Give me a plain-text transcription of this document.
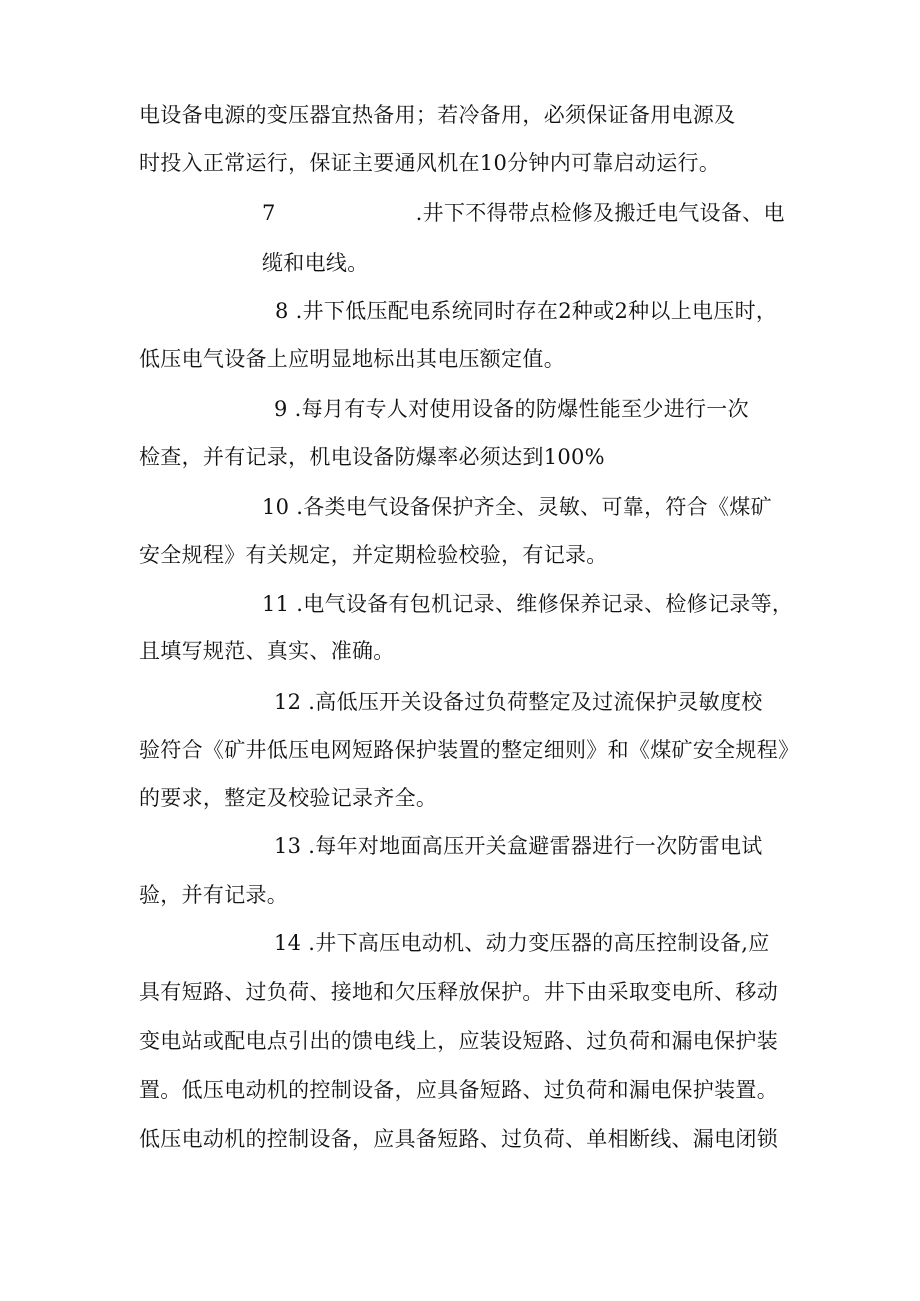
电设备电源的变压器宜热备用；若冷备用，必须保证备用电源及
时投入正常运行，保证主要通风机在10分钟内可靠启动运行。
7	.井下不得带点检修及搬迁电气设备、电
缆和电线。
8 .井下低压配电系统同时存在2种或2种以上电压时，
低压电气设备上应明显地标出其电压额定值。
9 .每月有专人对使用设备的防爆性能至少进行一次
检查，并有记录，机电设备防爆率必须达到100%
10 .各类电气设备保护齐全、灵敏、可靠，符合《煤矿
安全规程》有关规定，并定期检验校验，有记录。
11 .电气设备有包机记录、维修保养记录、检修记录等，
且填写规范、真实、准确。
12 .高低压开关设备过负荷整定及过流保护灵敏度校
验符合《矿井低压电网短路保护装置的整定细则》和《煤矿安全规程》
的要求，整定及校验记录齐全。
13 .每年对地面高压开关盒避雷器进行一次防雷电试
验，并有记录。
14 .井下高压电动机、动力变压器的高压控制设备,应
具有短路、过负荷、接地和欠压释放保护。井下由采取变电所、移动
变电站或配电点引出的馈电线上，应装设短路、过负荷和漏电保护装
置。低压电动机的控制设备，应具备短路、过负荷和漏电保护装置。
低压电动机的控制设备，应具备短路、过负荷、单相断线、漏电闭锁
